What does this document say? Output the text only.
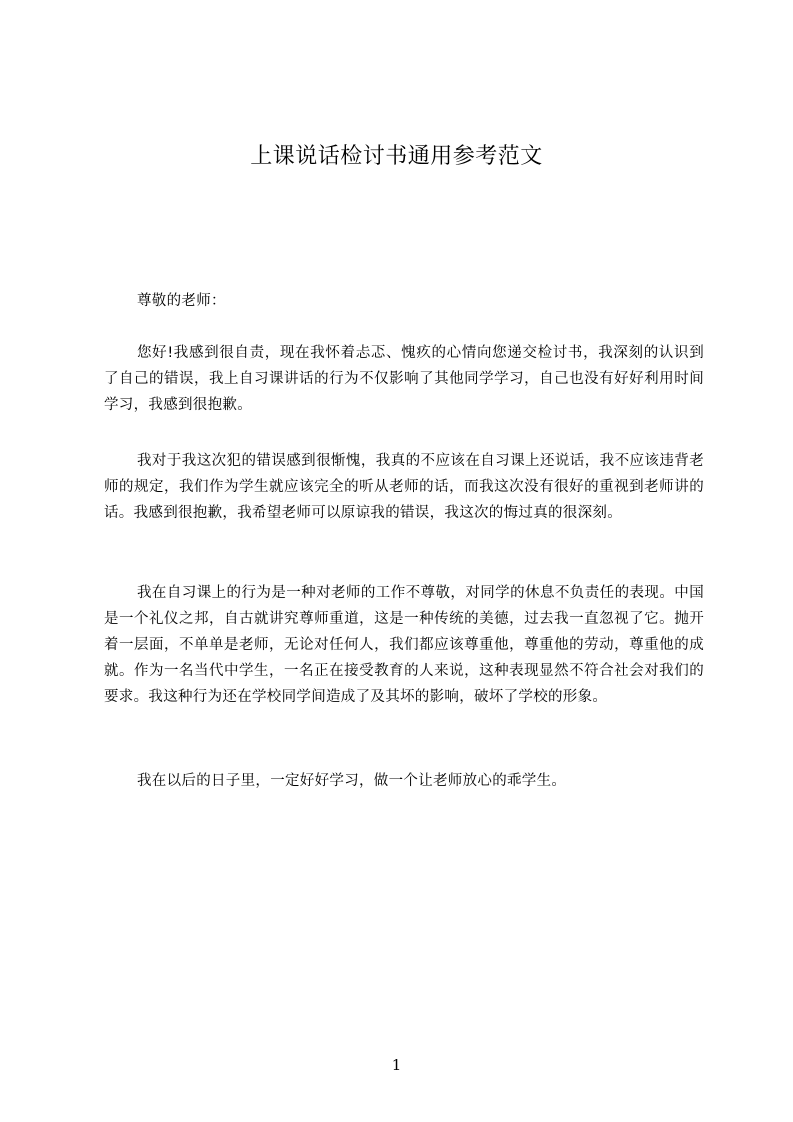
上课说话检讨书通用参考范文
尊敬的老师：
您好!我感到很自责，现在我怀着忐忑、愧疚的心情向您递交检讨书，我深刻的认识到了自己的错误，我上自习课讲话的行为不仅影响了其他同学学习，自己也没有好好利用时间学习，我感到很抱歉。
我对于我这次犯的错误感到很惭愧，我真的不应该在自习课上还说话，我不应该违背老师的规定，我们作为学生就应该完全的听从老师的话，而我这次没有很好的重视到老师讲的话。我感到很抱歉，我希望老师可以原谅我的错误，我这次的悔过真的很深刻。
我在自习课上的行为是一种对老师的工作不尊敬，对同学的休息不负责任的表现。中国是一个礼仪之邦，自古就讲究尊师重道，这是一种传统的美德，过去我一直忽视了它。抛开着一层面，不单单是老师，无论对任何人，我们都应该尊重他，尊重他的劳动，尊重他的成就。作为一名当代中学生，一名正在接受教育的人来说，这种表现显然不符合社会对我们的要求。我这种行为还在学校同学间造成了及其坏的影响，破坏了学校的形象。
我在以后的日子里，一定好好学习，做一个让老师放心的乖学生。
1
